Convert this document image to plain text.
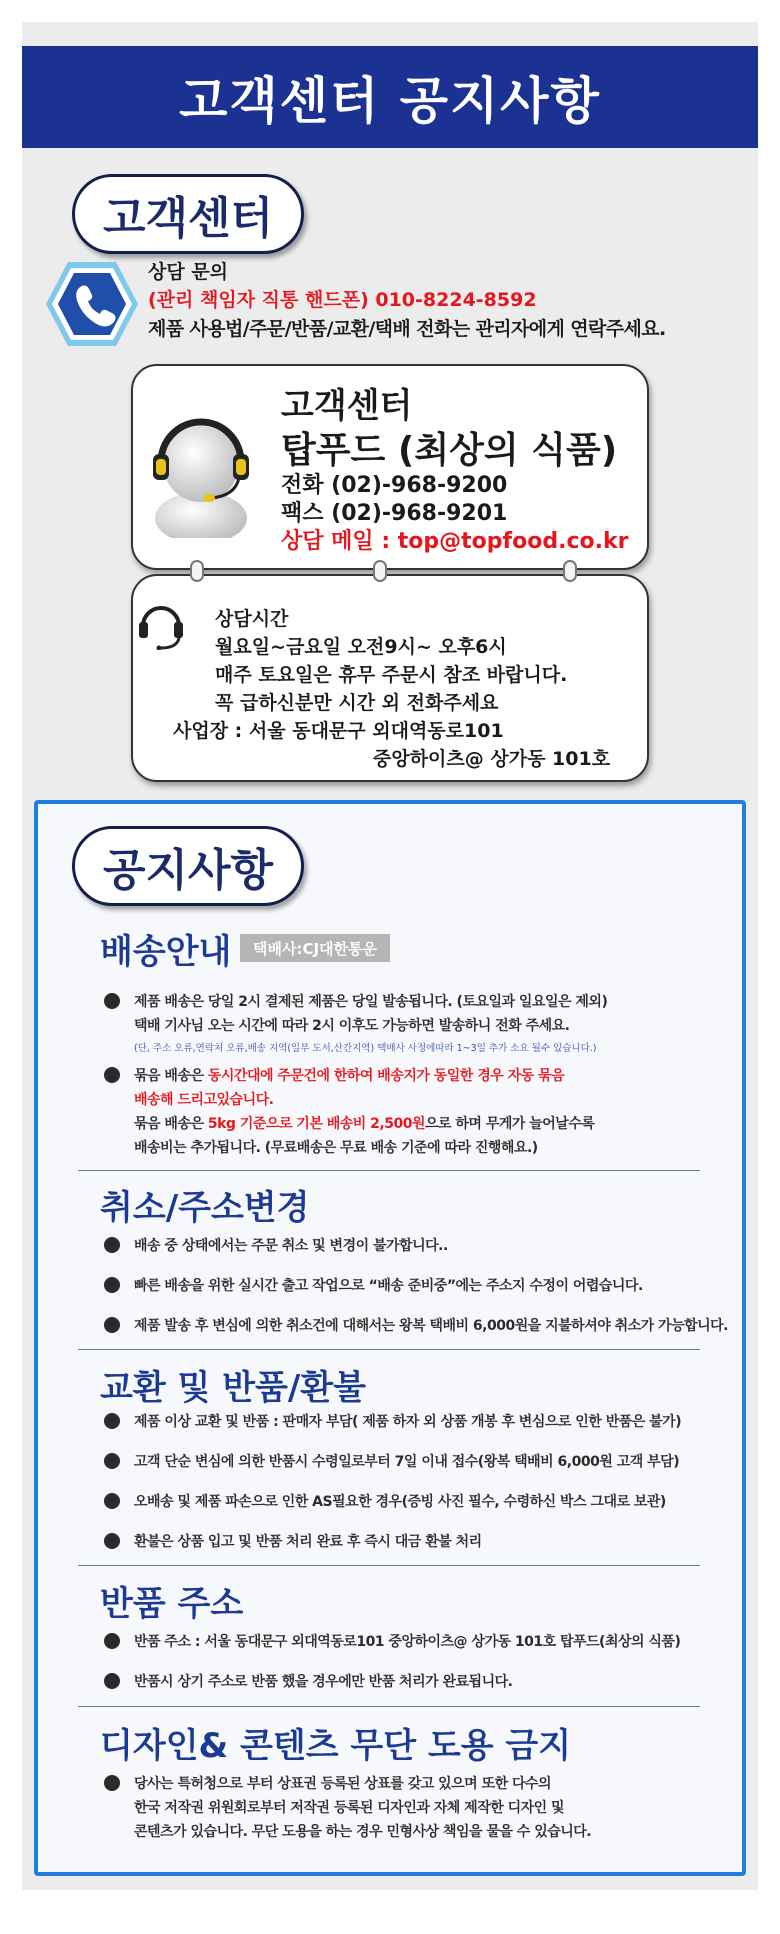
고객센터 공지사항
고객센터
상담 문의
(관리 책임자 직통 핸드폰) 010-8224-8592
제품 사용법/주문/반품/교환/택배 전화는 관리자에게 연락주세요.
고객센터
탑푸드 (최상의 식품)
전화 (02)-968-9200
팩스 (02)-968-9201
상담 메일 : top@topfood.co.kr
상담시간
월요일~금요일 오전9시~ 오후6시
매주 토요일은 휴무 주문시 참조 바랍니다.
꼭 급하신분만 시간 외 전화주세요
사업장 : 서울 동대문구 외대역동로101
중앙하이츠@ 상가동 101호
공지사항
배송안내	택배사:CJ대한통운
제품 배송은 당일 2시 결제된 제품은 당일 발송됩니다. (토요일과 일요일은 제외)
택배 기사님 오는 시간에 따라 2시 이후도 가능하면 발송하니 전화 주세요.
(단, 주소 오류,연락처 오류,배송 지역(일부 도서,산간지역) 택배사 사정에따라 1~3일 추가 소요 될수 있습니다.)
묶음 배송은 동시간대에 주문건에 한하여 배송지가 동일한 경우 자동 묶음
배송해 드리고있습니다.
묶음 배송은 5kg 기준으로 기본 배송비 2,500원으로 하며 무게가 늘어날수록
배송비는 추가됩니다. (무료배송은 무료 배송 기준에 따라 진행해요.)
취소/주소변경
배송 중 상태에서는 주문 취소 및 변경이 불가합니다..
빠른 배송을 위한 실시간 출고 작업으로 “배송 준비중”에는 주소지 수정이 어렵습니다.
제품 발송 후 변심에 의한 취소건에 대해서는 왕복 택배비 6,000원을 지불하셔야 취소가 가능합니다.
교환 및 반품/환불
제품 이상 교환 및 반품 : 판매자 부담( 제품 하자 외 상품 개봉 후 변심으로 인한 반품은 불가)
고객 단순 변심에 의한 반품시 수령일로부터 7일 이내 접수(왕복 택배비 6,000원 고객 부담)
오배송 및 제품 파손으로 인한 AS필요한 경우(증빙 사진 필수, 수령하신 박스 그대로 보관)
환불은 상품 입고 및 반품 처리 완료 후 즉시 대금 환불 처리
반품 주소
반품 주소 : 서울 동대문구 외대역동로101 중앙하이츠@ 상가동 101호 탑푸드(최상의 식품)
반품시 상기 주소로 반품 했을 경우에만 반품 처리가 완료됩니다.
디자인& 콘텐츠 무단 도용 금지
당사는 특허청으로 부터 상표권 등록된 상표를 갖고 있으며 또한 다수의
한국 저작권 위원회로부터 저작권 등록된 디자인과 자체 제작한 디자인 및
콘텐츠가 있습니다. 무단 도용을 하는 경우 민형사상 책임을 물을 수 있습니다.
